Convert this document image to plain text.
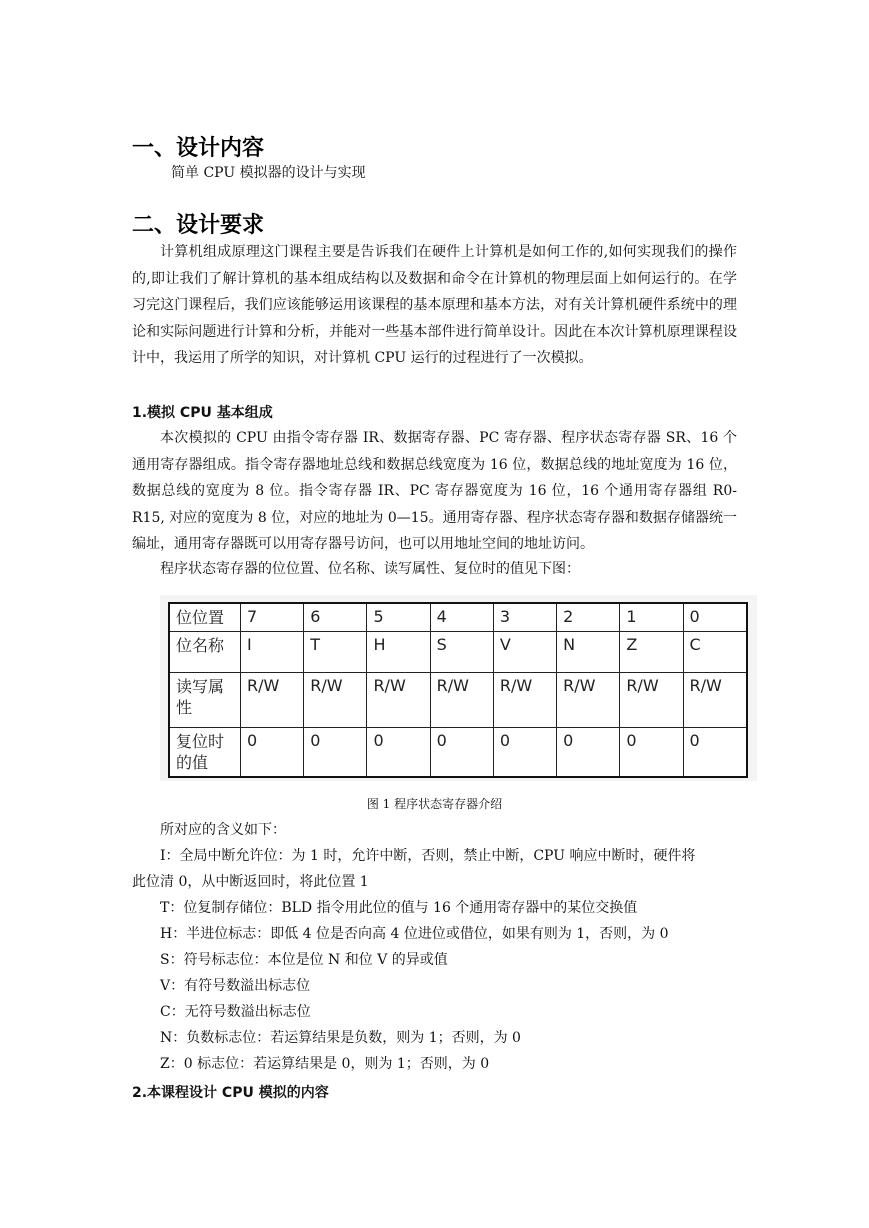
一、设计内容
简单 CPU 模拟器的设计与实现
二、设计要求
计算机组成原理这门课程主要是告诉我们在硬件上计算机是如何工作的,如何实现我们的操作的,即让我们了解计算机的基本组成结构以及数据和命令在计算机的物理层面上如何运行的。在学习完这门课程后，我们应该能够运用该课程的基本原理和基本方法，对有关计算机硬件系统中的理论和实际问题进行计算和分析，并能对一些基本部件进行简单设计。因此在本次计算机原理课程设计中，我运用了所学的知识，对计算机 CPU 运行的过程进行了一次模拟。
1.模拟 CPU 基本组成
本次模拟的 CPU 由指令寄存器 IR、数据寄存器、PC 寄存器、程序状态寄存器 SR、16 个通用寄存器组成。指令寄存器地址总线和数据总线宽度为 16 位，数据总线的地址宽度为 16 位，数据总线的宽度为 8 位。指令寄存器 IR、PC 寄存器宽度为 16 位，16 个通用寄存器组 R0-R15, 对应的宽度为 8 位，对应的地址为 0—15。通用寄存器、程序状态寄存器和数据存储器统一编址，通用寄存器既可以用寄存器号访问，也可以用地址空间的地址访问。
程序状态寄存器的位位置、位名称、读写属性、复位时的值见下图：
位位置	7	6	5	4	3	2	1	0
位名称	I	T	H	S	V	N	Z	C
读写属性	R/W	R/W	R/W	R/W	R/W	R/W	R/W	R/W
复位时的值	0	0	0	0	0	0	0	0
图 1 程序状态寄存器介绍
所对应的含义如下：
I：全局中断允许位：为 1 时，允许中断，否则，禁止中断，CPU 响应中断时，硬件将
此位清 0，从中断返回时，将此位置 1
T：位复制存储位：BLD 指令用此位的值与 16 个通用寄存器中的某位交换值
H：半进位标志：即低 4 位是否向高 4 位进位或借位，如果有则为 1，否则，为 0
S：符号标志位：本位是位 N 和位 V 的异或值
V：有符号数溢出标志位
C：无符号数溢出标志位
N：负数标志位：若运算结果是负数，则为 1；否则，为 0
Z：0 标志位：若运算结果是 0，则为 1；否则，为 0
2.本课程设计 CPU 模拟的内容
